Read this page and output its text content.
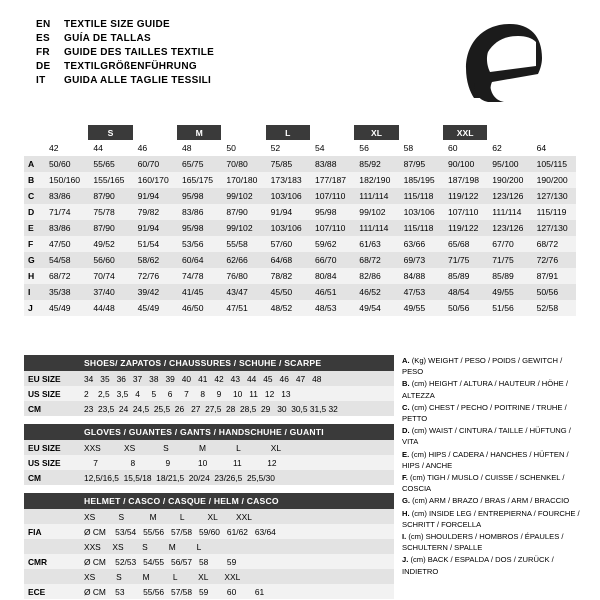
EN	TEXTILE SIZE GUIDE
ES	GUÍA DE TALLAS
FR	GUIDE DES TAILLES TEXTILE
DE	TEXTILGRÖßENFÜHRUNG
IT	GUIDA ALLE TAGLIE TESSILI
		S		M		L		XL		XXL		
	42	44	46	48	50	52	54	56	58	60	62	64
A	50/60	55/65	60/70	65/75	70/80	75/85	83/88	85/92	87/95	90/100	95/100	105/115
B	150/160	155/165	160/170	165/175	170/180	173/183	177/187	182/190	185/195	187/198	190/200	190/200
C	83/86	87/90	91/94	95/98	99/102	103/106	107/110	111/114	115/118	119/122	123/126	127/130
D	71/74	75/78	79/82	83/86	87/90	91/94	95/98	99/102	103/106	107/110	111/114	115/119
E	83/86	87/90	91/94	95/98	99/102	103/106	107/110	111/114	115/118	119/122	123/126	127/130
F	47/50	49/52	51/54	53/56	55/58	57/60	59/62	61/63	63/66	65/68	67/70	68/72
G	54/58	56/60	58/62	60/64	62/66	64/68	66/70	68/72	69/73	71/75	71/75	72/76
H	68/72	70/74	72/76	74/78	76/80	78/82	80/84	82/86	84/88	85/89	85/89	87/91
I	35/38	37/40	39/42	41/45	43/47	45/50	46/51	46/52	47/53	48/54	49/55	50/56
J	45/49	44/48	45/49	46/50	47/51	48/52	48/53	49/54	49/55	50/56	51/56	52/58
SHOES/ ZAPATOS / CHAUSSURES / SCHUHE / SCARPE
EU SIZE	34   35   36   37   38   39   40   41   42   43   44   45   46   47   48
US SIZE	2    2,5   3,5   4     5     6     7     8     9     10   11   12   13
CM	23  23,5  24  24,5  25,5  26   27  27,5  28  28,5  29   30  30,5 31,5 32
GLOVES / GUANTES / GANTS / HANDSCHUHE / GUANTI
EU SIZE	XXS          XS            S             M             L             XL
US SIZE	7              8             9            10           11           12
CM	12,5/16,5  15,5/18  18/21,5  20/24  23/26,5  25,5/30
HELMET / CASCO / CASQUE / HELM / CASCO
	XS          S           M          L          XL        XXL
FIA	Ø CM    53/54   55/56   57/58   59/60   61/62   63/64
	XXS     XS        S         M         L
CMR	Ø CM    52/53   54/55   56/57   58        59
	XS         S         M          L         XL       XXL
ECE	Ø CM    53        55/56   57/58   59        60        61
A. (Kg) WEIGHT / PESO / POIDS / GEWITCH / PESO
B. (cm) HEIGHT / ALTURA / HAUTEUR / HÖHE / ALTEZZA
C. (cm) CHEST / PECHO / POITRINE / TRUHE / PETTO
D. (cm) WAIST / CINTURA / TAILLE / HÜFTUNG / VITA
E. (cm) HIPS / CADERA / HANCHES / HÜFTEN / HIPS / ANCHE
F. (cm) TIGH / MUSLO / CUISSE / SCHENKEL / COSCIA
G. (cm) ARM / BRAZO / BRAS / ARM / BRACCIO
H. (cm) INSIDE LEG / ENTREPIERNA / FOURCHE / SCHRITT / FORCELLA
I. (cm) SHOULDERS / HOMBROS / ÉPAULES / SCHULTERN / SPALLE
J. (cm) BACK / ESPALDA / DOS / ZURÜCK / INDIETRO
